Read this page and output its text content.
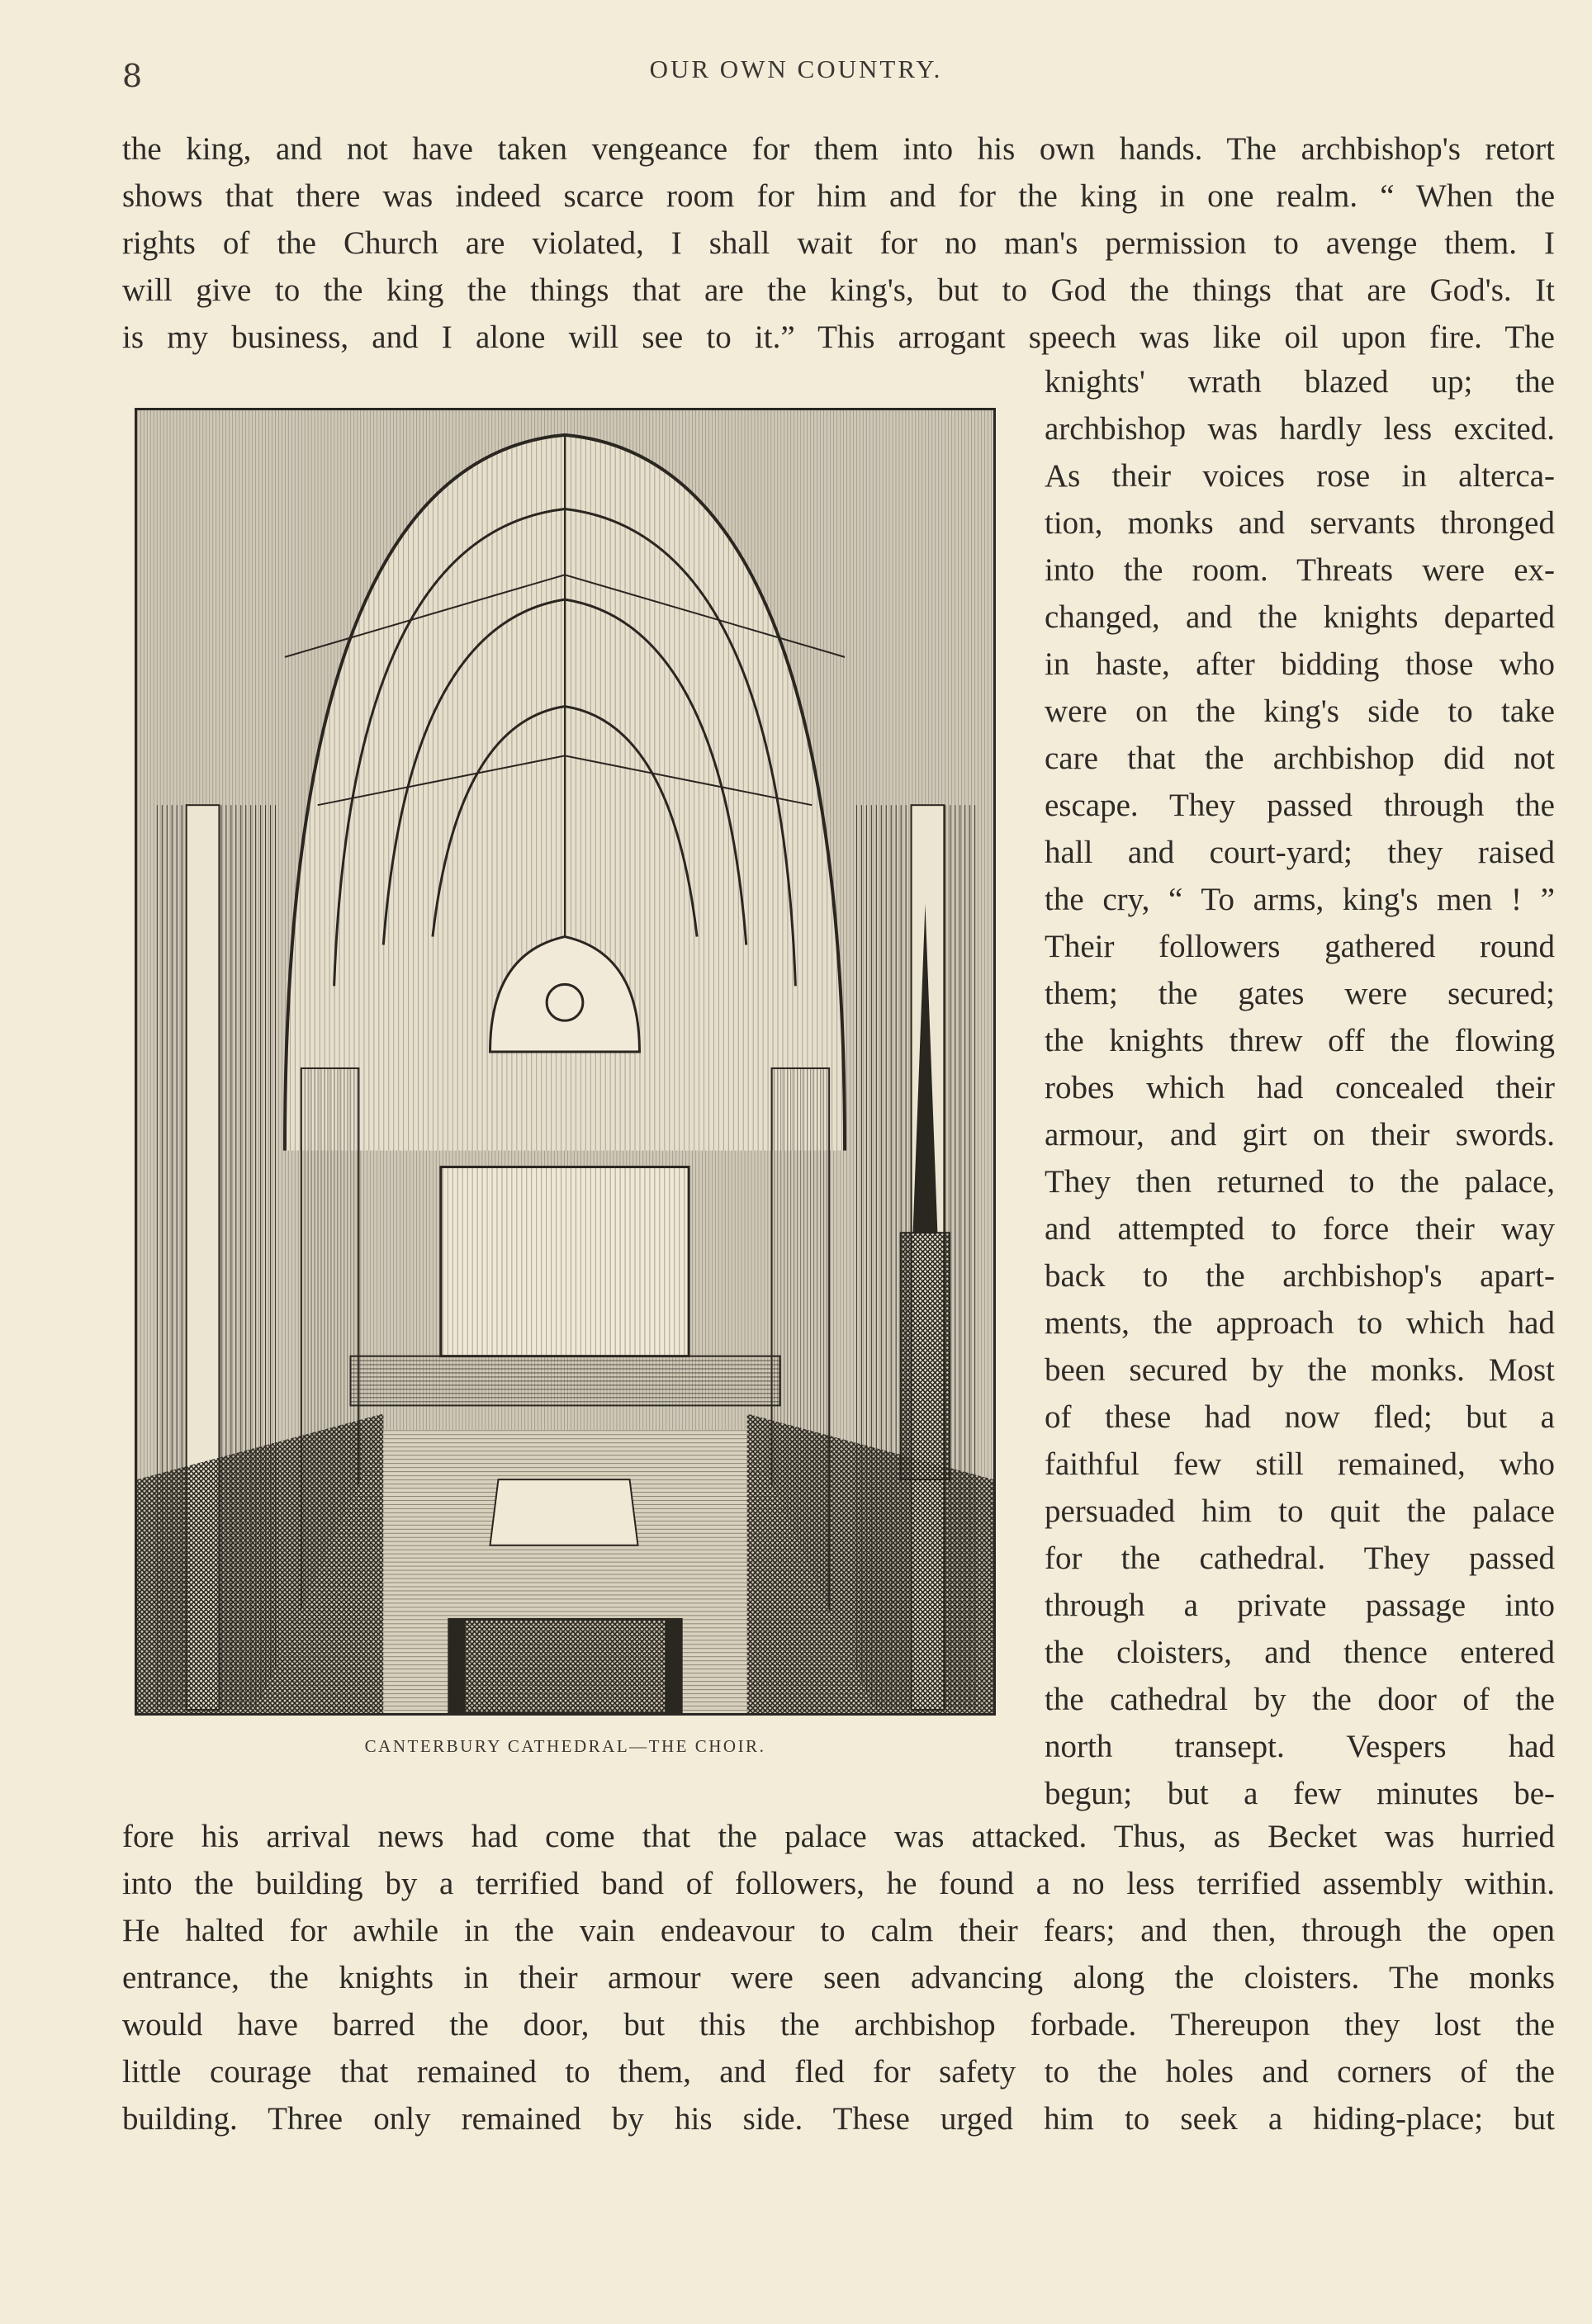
8	OUR OWN COUNTRY.
the king, and not have taken vengeance for them into his own hands. The archbishop's retort
shows that there was indeed scarce room for him and for the king in one realm. “ When the
rights of the Church are violated, I shall wait for no man's permission to avenge them. I
will give to the king the things that are the king's, but to God the things that are God's. It
is my business, and I alone will see to it.” This arrogant speech was like oil upon fire. The
knights' wrath blazed up; the
archbishop was hardly less excited.
As their voices rose in alterca-
tion, monks and servants thronged
into the room. Threats were ex-
changed, and the knights departed
in haste, after bidding those who
were on the king's side to take
care that the archbishop did not
escape. They passed through the
hall and court-yard; they raised
the cry, “ To arms, king's men ! ”
Their followers gathered round
them; the gates were secured;
the knights threw off the flowing
robes which had concealed their
armour, and girt on their swords.
They then returned to the palace,
and attempted to force their way
back to the archbishop's apart-
ments, the approach to which had
been secured by the monks. Most
of these had now fled; but a
faithful few still remained, who
persuaded him to quit the palace
for the cathedral. They passed
through a private passage into
the cloisters, and thence entered
the cathedral by the door of the
north transept. Vespers had
begun; but a few minutes be-
CANTERBURY CATHEDRAL—THE CHOIR.
fore his arrival news had come that the palace was attacked. Thus, as Becket was hurried
into the building by a terrified band of followers, he found a no less terrified assembly within.
He halted for awhile in the vain endeavour to calm their fears; and then, through the open
entrance, the knights in their armour were seen advancing along the cloisters. The monks
would have barred the door, but this the archbishop forbade. Thereupon they lost the
little courage that remained to them, and fled for safety to the holes and corners of the
building. Three only remained by his side. These urged him to seek a hiding-place; but
